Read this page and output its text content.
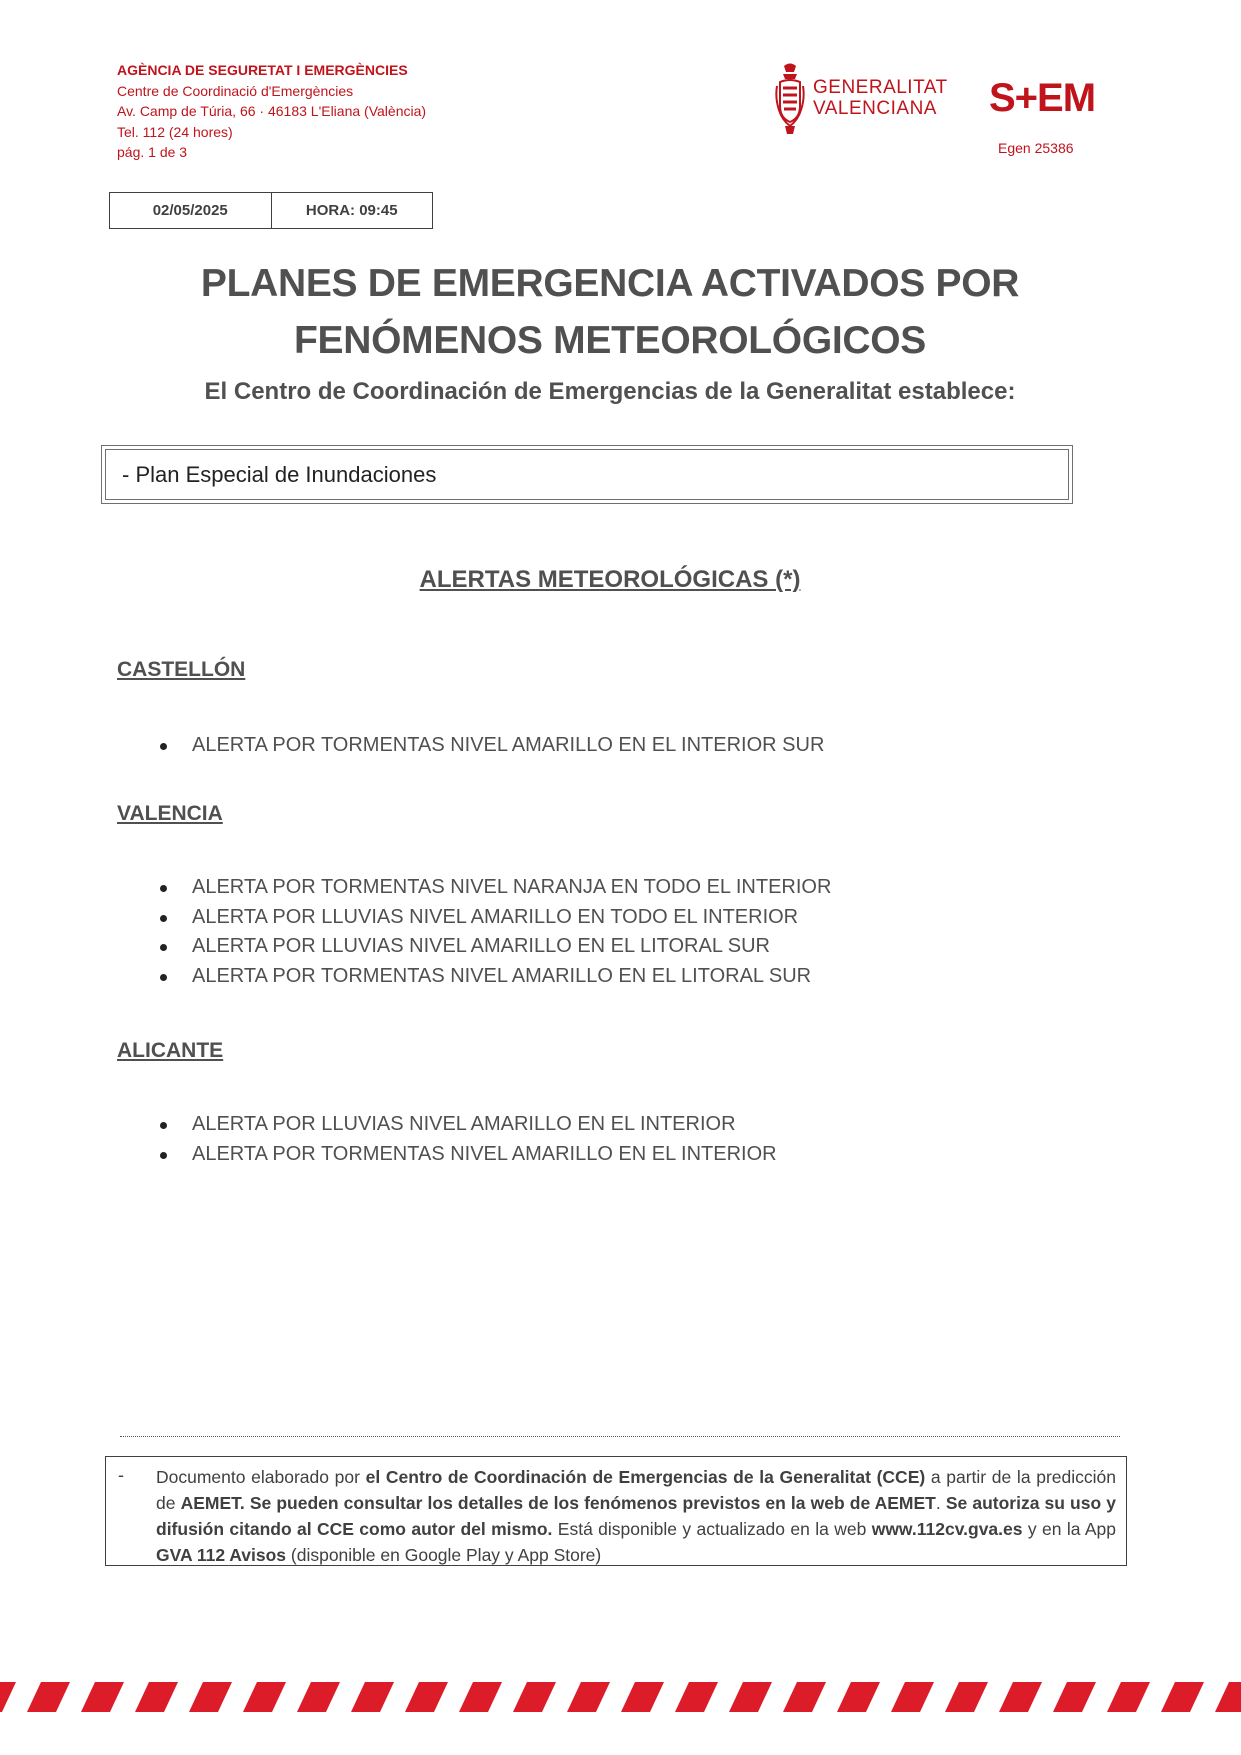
AGÈNCIA DE SEGURETAT I EMERGÈNCIES
Centre de Coordinació d'Emergències
Av. Camp de Túria, 66 · 46183 L'Eliana (València)
Tel. 112 (24 hores)
pág. 1 de 3
GENERALITAT
VALENCIANA S+EM
Egen 25386
02/05/2025	HORA: 09:45
PLANES DE EMERGENCIA ACTIVADOS POR
FENÓMENOS METEOROLÓGICOS
El Centro de Coordinación de Emergencias de la Generalitat establece:
- Plan Especial de Inundaciones
ALERTAS METEOROLÓGICAS (*)
CASTELLÓN
ALERTA POR TORMENTAS NIVEL AMARILLO EN EL INTERIOR SUR
VALENCIA
ALERTA POR TORMENTAS NIVEL NARANJA EN TODO EL INTERIOR
ALERTA POR LLUVIAS NIVEL AMARILLO EN TODO EL INTERIOR
ALERTA POR LLUVIAS NIVEL AMARILLO EN EL LITORAL SUR
ALERTA POR TORMENTAS NIVEL AMARILLO EN EL LITORAL SUR
ALICANTE
ALERTA POR LLUVIAS NIVEL AMARILLO EN EL INTERIOR
ALERTA POR TORMENTAS NIVEL AMARILLO EN EL INTERIOR
- Documento elaborado por el Centro de Coordinación de Emergencias de la Generalitat (CCE) a partir de la predicción de AEMET. Se pueden consultar los detalles de los fenómenos previstos en la web de AEMET. Se autoriza su uso y difusión citando al CCE como autor del mismo. Está disponible y actualizado en la web www.112cv.gva.es y en la App GVA 112 Avisos (disponible en Google Play y App Store)
